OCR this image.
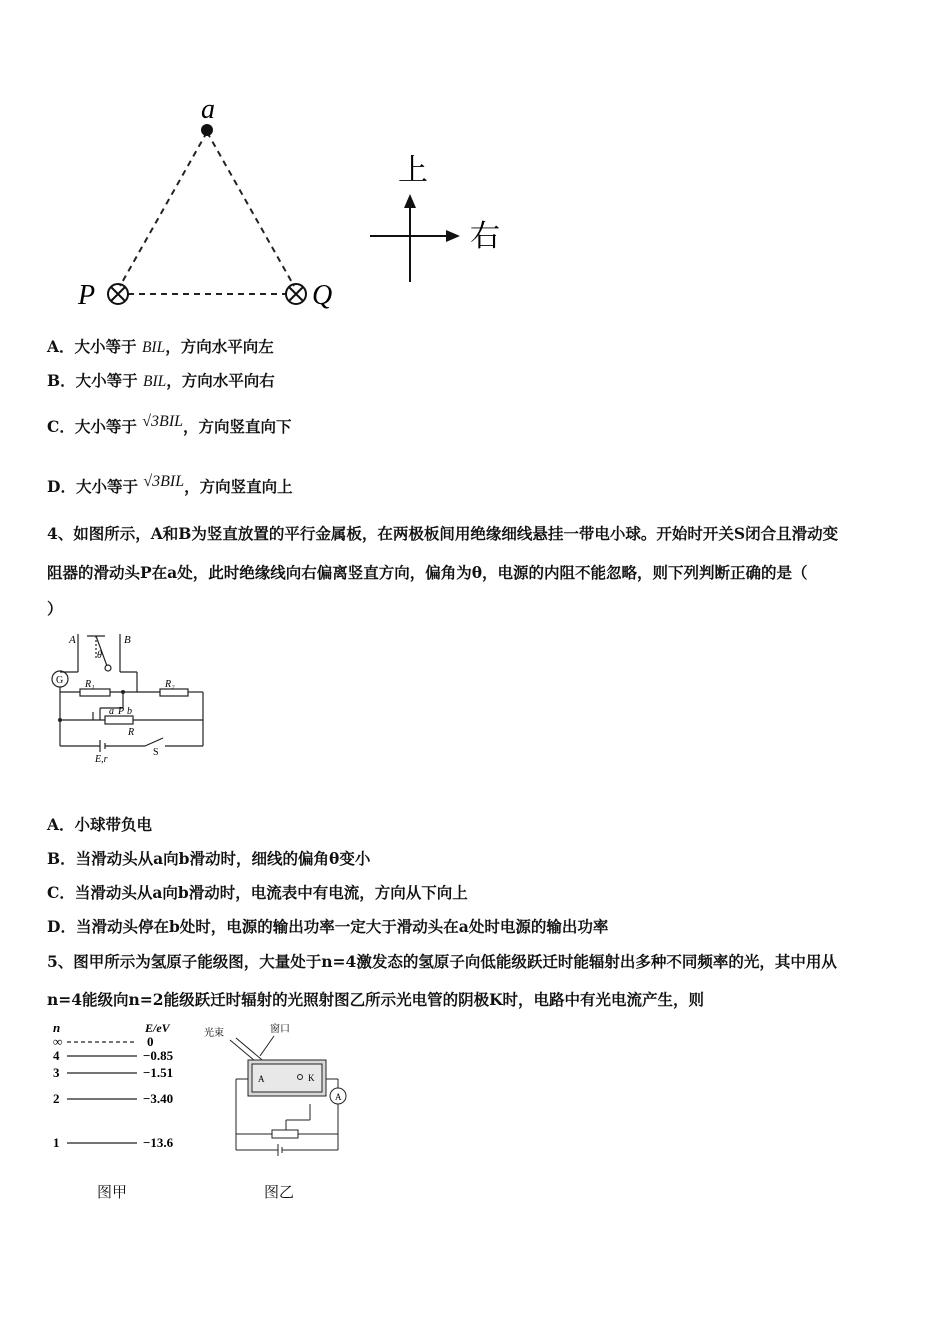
a
P	Q
上
右
A．大小等于 BIL，方向水平向左
B．大小等于 BIL，方向水平向右
C．大小等于 √3BIL，方向竖直向下
D．大小等于 √3BIL，方向竖直向上
4、如图所示，A和B为竖直放置的平行金属板，在两极板间用绝缘细线悬挂一带电小球。开始时开关S闭合且滑动变
阻器的滑动头P在a处，此时绝缘线向右偏离竖直方向，偏角为θ，电源的内阻不能忽略，则下列判断正确的是（
）
A	B
θ
G R₁	R₂
a P b
R
E,r
S
A．小球带负电
B．当滑动头从a向b滑动时，细线的偏角θ变小
C．当滑动头从a向b滑动时，电流表中有电流，方向从下向上
D．当滑动头停在b处时，电源的输出功率一定大于滑动头在a处时电源的输出功率
5、图甲所示为氢原子能级图，大量处于n=4激发态的氢原子向低能级跃迁时能辐射出多种不同频率的光，其中用从
n=4能级向n=2能级跃迁时辐射的光照射图乙所示光电管的阴极K时，电路中有光电流产生，则
n	E/eV
∞	0
4	−0.85
3	−1.51
2	−3.40
1	−13.6
光束	窗口
A	K
A
图甲	图乙
